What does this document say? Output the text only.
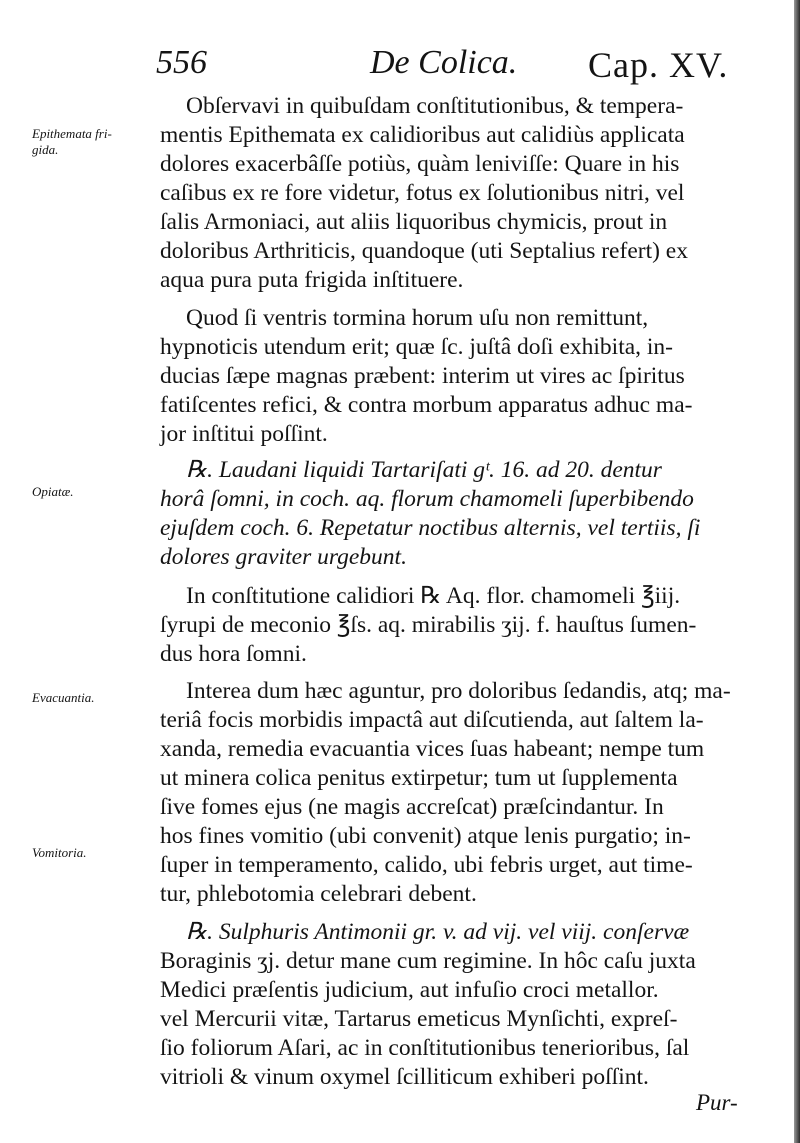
556	De Colica. Cap. XV.
Epithemata fri-
gida.
Opiatæ.
Evacuantia.
Vomitoria.
Obſervavi in quibuſdam conſtitutionibus, & tempera-
mentis Epithemata ex calidioribus aut calidiùs applicata
dolores exacerbâſſe potiùs, quàm leniviſſe: Quare in his
caſibus ex re fore videtur, fotus ex ſolutionibus nitri, vel
ſalis Armoniaci, aut aliis liquoribus chymicis, prout in
doloribus Arthriticis, quandoque (uti Septalius refert) ex
aqua pura puta frigida inſtituere.
Quod ſi ventris tormina horum uſu non remittunt,
hypnoticis utendum erit; quæ ſc. juſtâ doſi exhibita, in-
ducias ſæpe magnas præbent: interim ut vires ac ſpiritus
fatiſcentes refici, & contra morbum apparatus adhuc ma-
jor inſtitui poſſint.
℞. Laudani liquidi Tartariſati gᵗ. 16. ad 20. dentur
horâ ſomni, in coch. aq. florum chamomeli ſuperbibendo
ejuſdem coch. 6. Repetatur noctibus alternis, vel tertiis, ſi
dolores graviter urgebunt.
In conſtitutione calidiori ℞ Aq. flor. chamomeli ℥iij.
ſyrupi de meconio ℥ſs. aq. mirabilis ʒij. f. hauſtus ſumen-
dus hora ſomni.
Interea dum hæc aguntur, pro doloribus ſedandis, atq; ma-
teriâ focis morbidis impactâ aut diſcutienda, aut ſaltem la-
xanda, remedia evacuantia vices ſuas habeant; nempe tum
ut minera colica penitus extirpetur; tum ut ſupplementa
ſive fomes ejus (ne magis accreſcat) præſcindantur. In
hos fines vomitio (ubi convenit) atque lenis purgatio; in-
ſuper in temperamento, calido, ubi febris urget, aut time-
tur, phlebotomia celebrari debent.
℞. Sulphuris Antimonii gr. v. ad vij. vel viij. conſervæ
Boraginis ʒj. detur mane cum regimine. In hôc caſu juxta
Medici præſentis judicium, aut infuſio croci metallor.
vel Mercurii vitæ, Tartarus emeticus Mynſichti, expreſ-
ſio foliorum Aſari, ac in conſtitutionibus tenerioribus, ſal
vitrioli & vinum oxymel ſcilliticum exhiberi poſſint.
Pur-
